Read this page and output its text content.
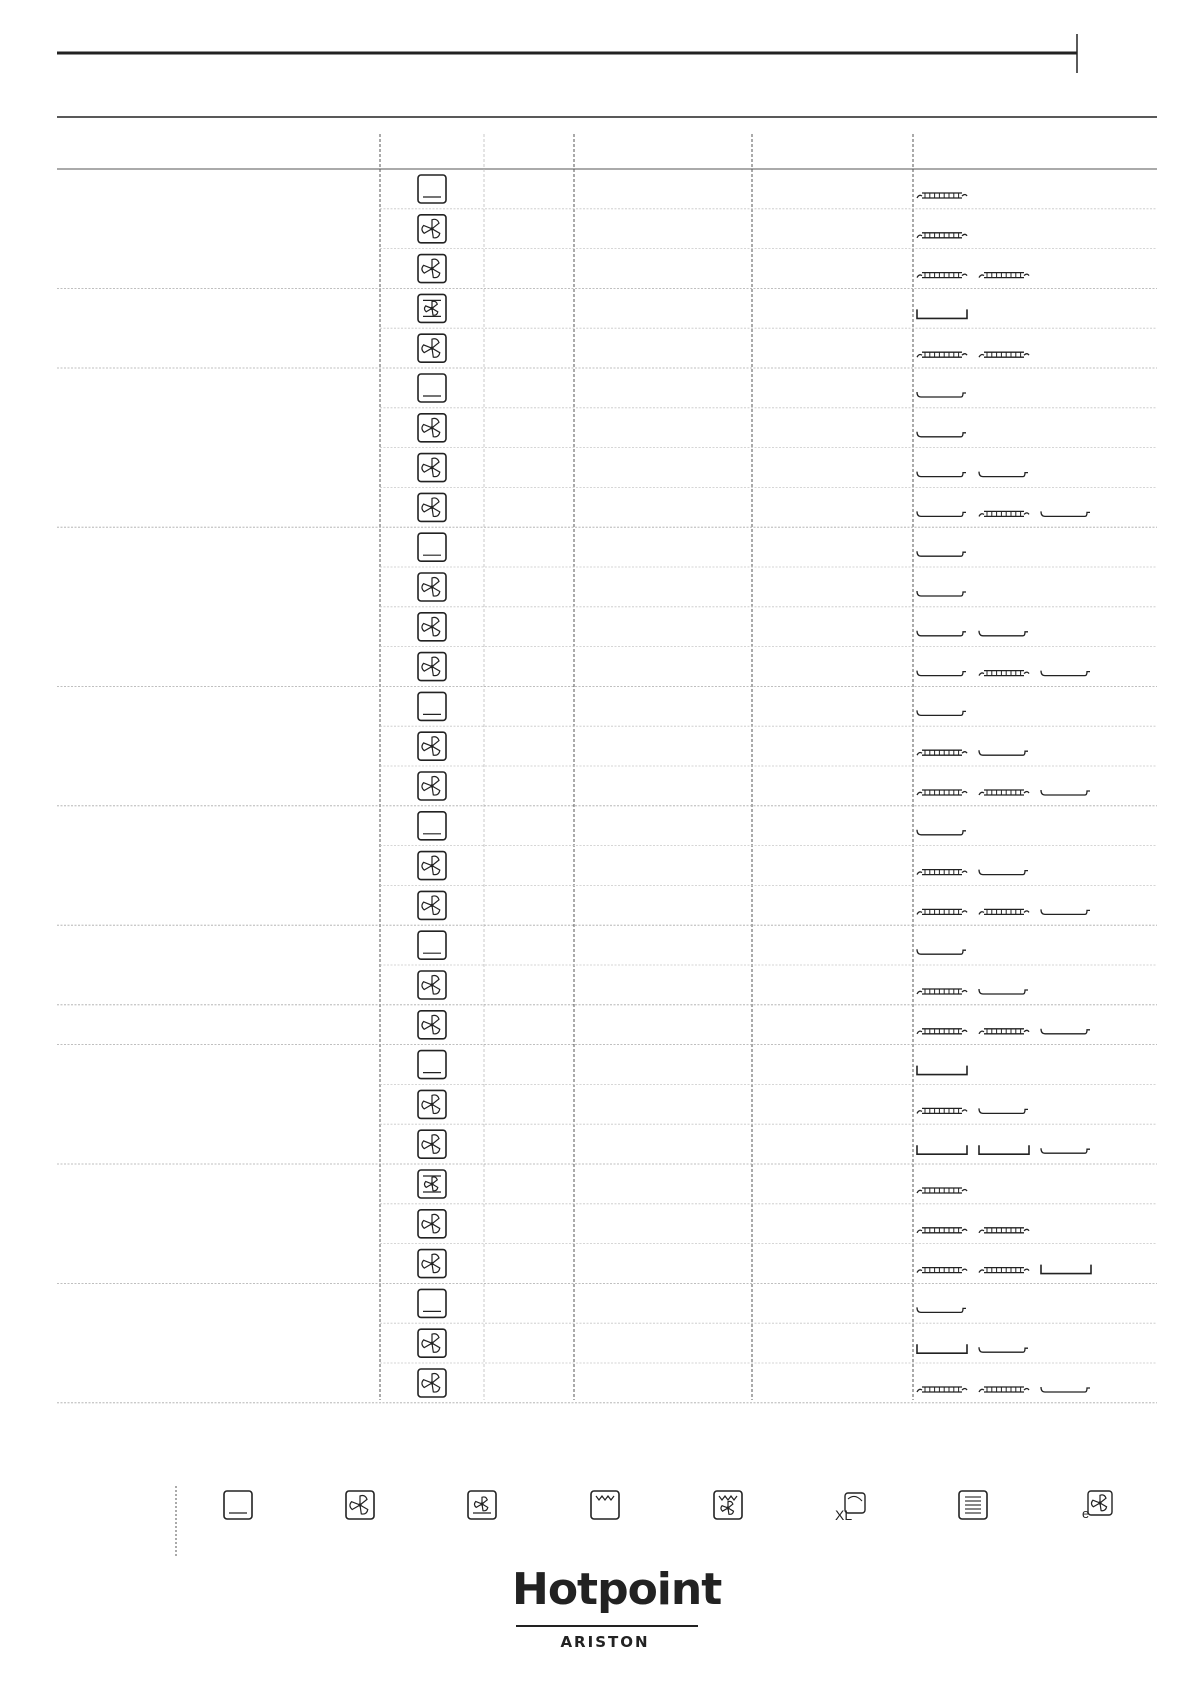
XL	e
Hotpoint
ARISTON
